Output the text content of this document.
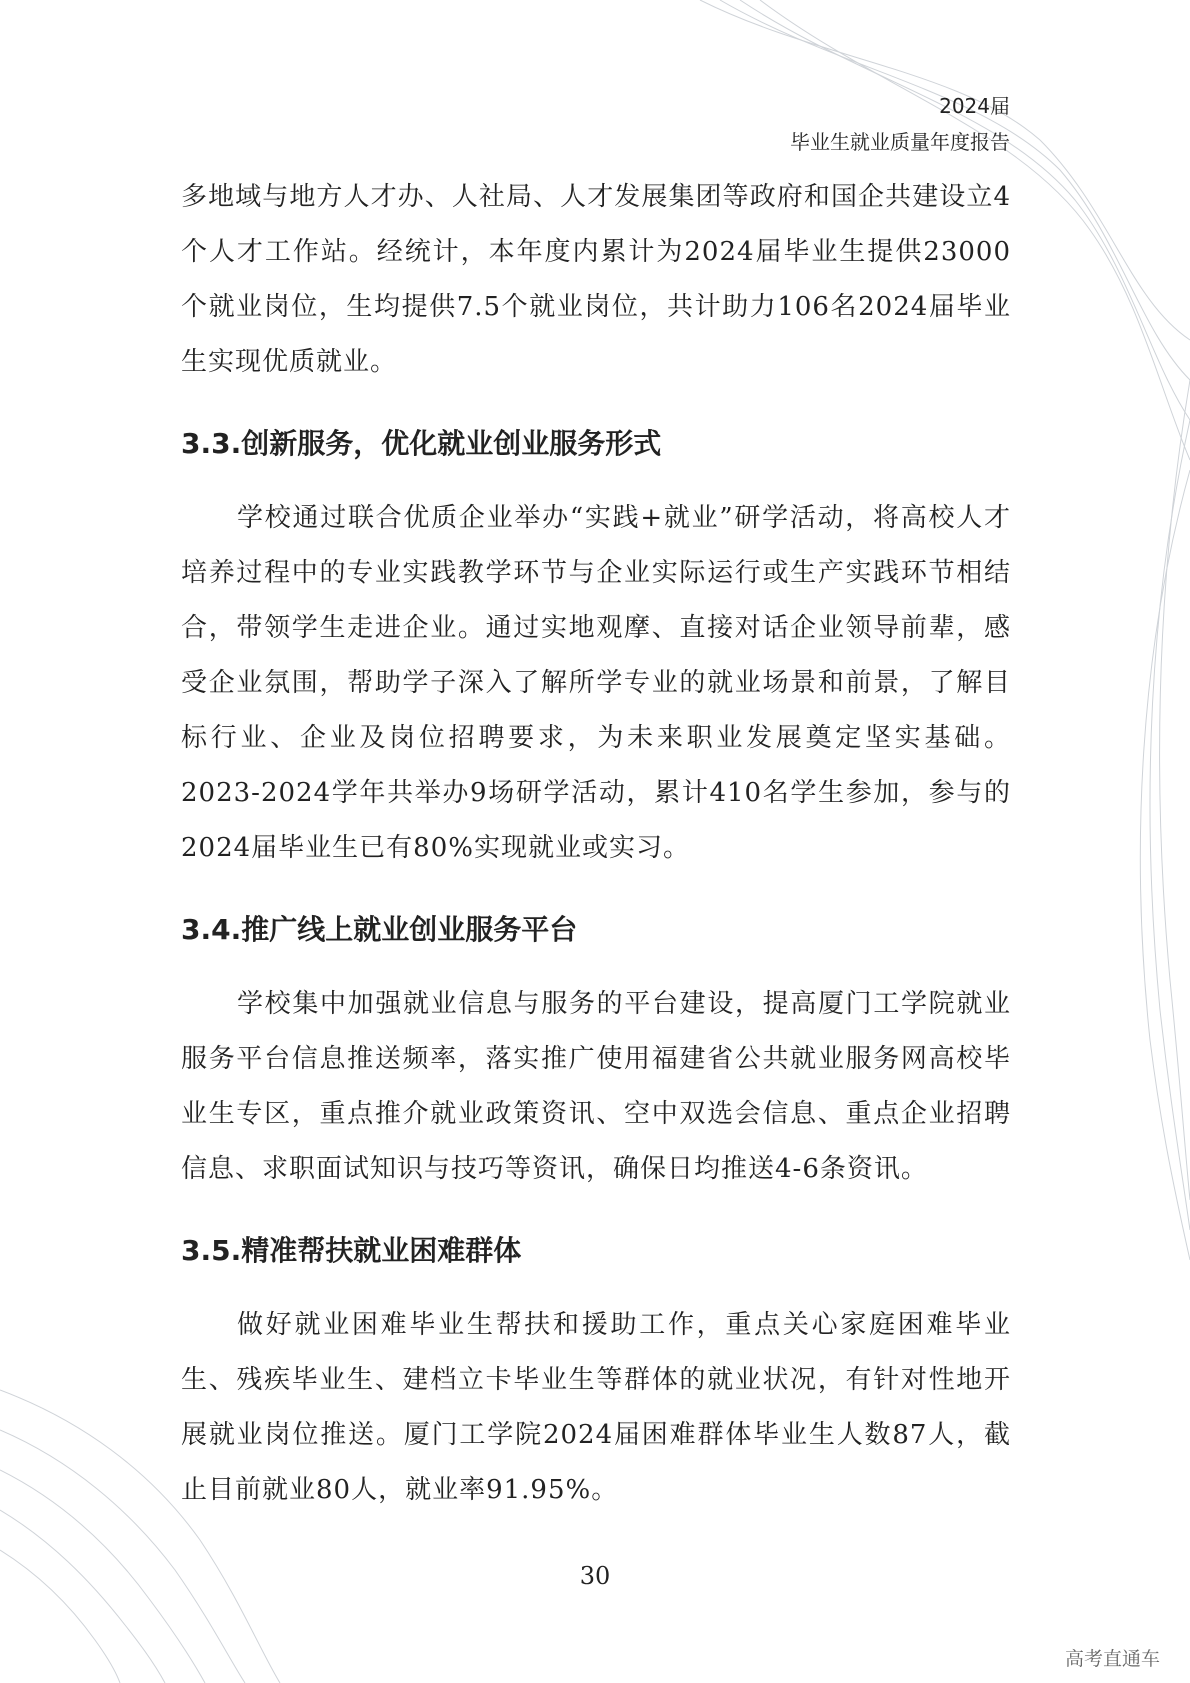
2024届
毕业生就业质量年度报告

多地域与地方人才办、人社局、人才发展集团等政府和国企共建设立4个人才工作站。经统计，本年度内累计为2024届毕业生提供23000个就业岗位，生均提供7.5个就业岗位，共计助力106名2024届毕业生实现优质就业。

3.3.创新服务，优化就业创业服务形式

学校通过联合优质企业举办“实践+就业”研学活动，将高校人才培养过程中的专业实践教学环节与企业实际运行或生产实践环节相结合，带领学生走进企业。通过实地观摩、直接对话企业领导前辈，感受企业氛围，帮助学子深入了解所学专业的就业场景和前景，了解目标行业、企业及岗位招聘要求，为未来职业发展奠定坚实基础。2023-2024学年共举办9场研学活动，累计410名学生参加，参与的2024届毕业生已有80%实现就业或实习。

3.4.推广线上就业创业服务平台

学校集中加强就业信息与服务的平台建设，提高厦门工学院就业服务平台信息推送频率，落实推广使用福建省公共就业服务网高校毕业生专区，重点推介就业政策资讯、空中双选会信息、重点企业招聘信息、求职面试知识与技巧等资讯，确保日均推送4-6条资讯。

3.5.精准帮扶就业困难群体

做好就业困难毕业生帮扶和援助工作，重点关心家庭困难毕业生、残疾毕业生、建档立卡毕业生等群体的就业状况，有针对性地开展就业岗位推送。厦门工学院2024届困难群体毕业生人数87人，截止目前就业80人，就业率91.95%。

30
高考直通车
